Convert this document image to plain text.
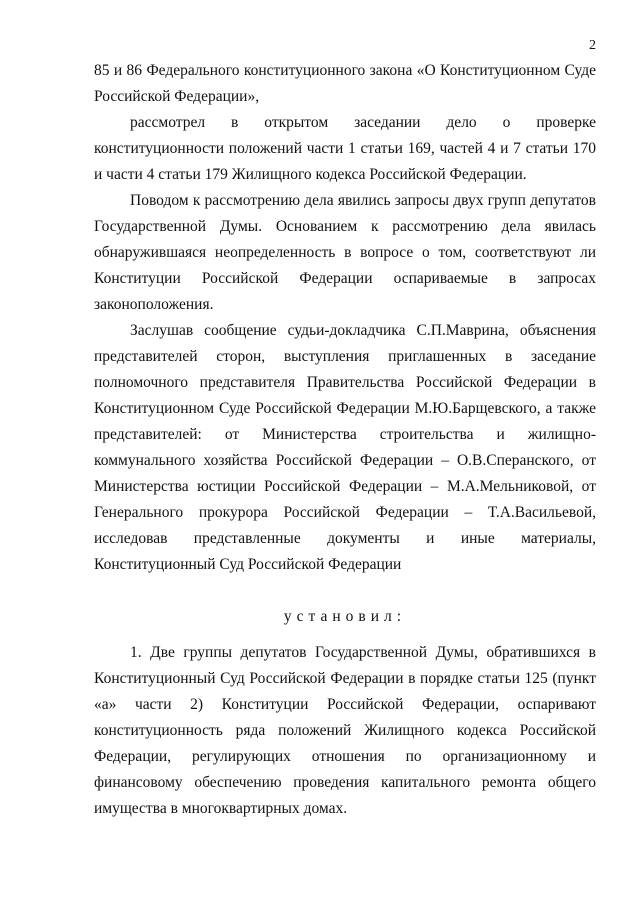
2

85 и 86 Федерального конституционного закона «О Конституционном Суде Российской Федерации»,

рассмотрел в открытом заседании дело о проверке конституционности положений части 1 статьи 169, частей 4 и 7 статьи 170 и части 4 статьи 179 Жилищного кодекса Российской Федерации.

Поводом к рассмотрению дела явились запросы двух групп депутатов Государственной Думы. Основанием к рассмотрению дела явилась обнаружившаяся неопределенность в вопросе о том, соответствуют ли Конституции Российской Федерации оспариваемые в запросах законоположения.

Заслушав сообщение судьи-докладчика С.П.Маврина, объяснения представителей сторон, выступления приглашенных в заседание полномочного представителя Правительства Российской Федерации в Конституционном Суде Российской Федерации М.Ю.Барщевского, а также представителей: от Министерства строительства и жилищно-коммунального хозяйства Российской Федерации – О.В.Сперанского, от Министерства юстиции Российской Федерации – М.А.Мельниковой, от Генерального прокурора Российской Федерации – Т.А.Васильевой, исследовав представленные документы и иные материалы, Конституционный Суд Российской Федерации

установил:

1. Две группы депутатов Государственной Думы, обратившихся в Конституционный Суд Российской Федерации в порядке статьи 125 (пункт «а» части 2) Конституции Российской Федерации, оспаривают конституционность ряда положений Жилищного кодекса Российской Федерации, регулирующих отношения по организационному и финансовому обеспечению проведения капитального ремонта общего имущества в многоквартирных домах.
